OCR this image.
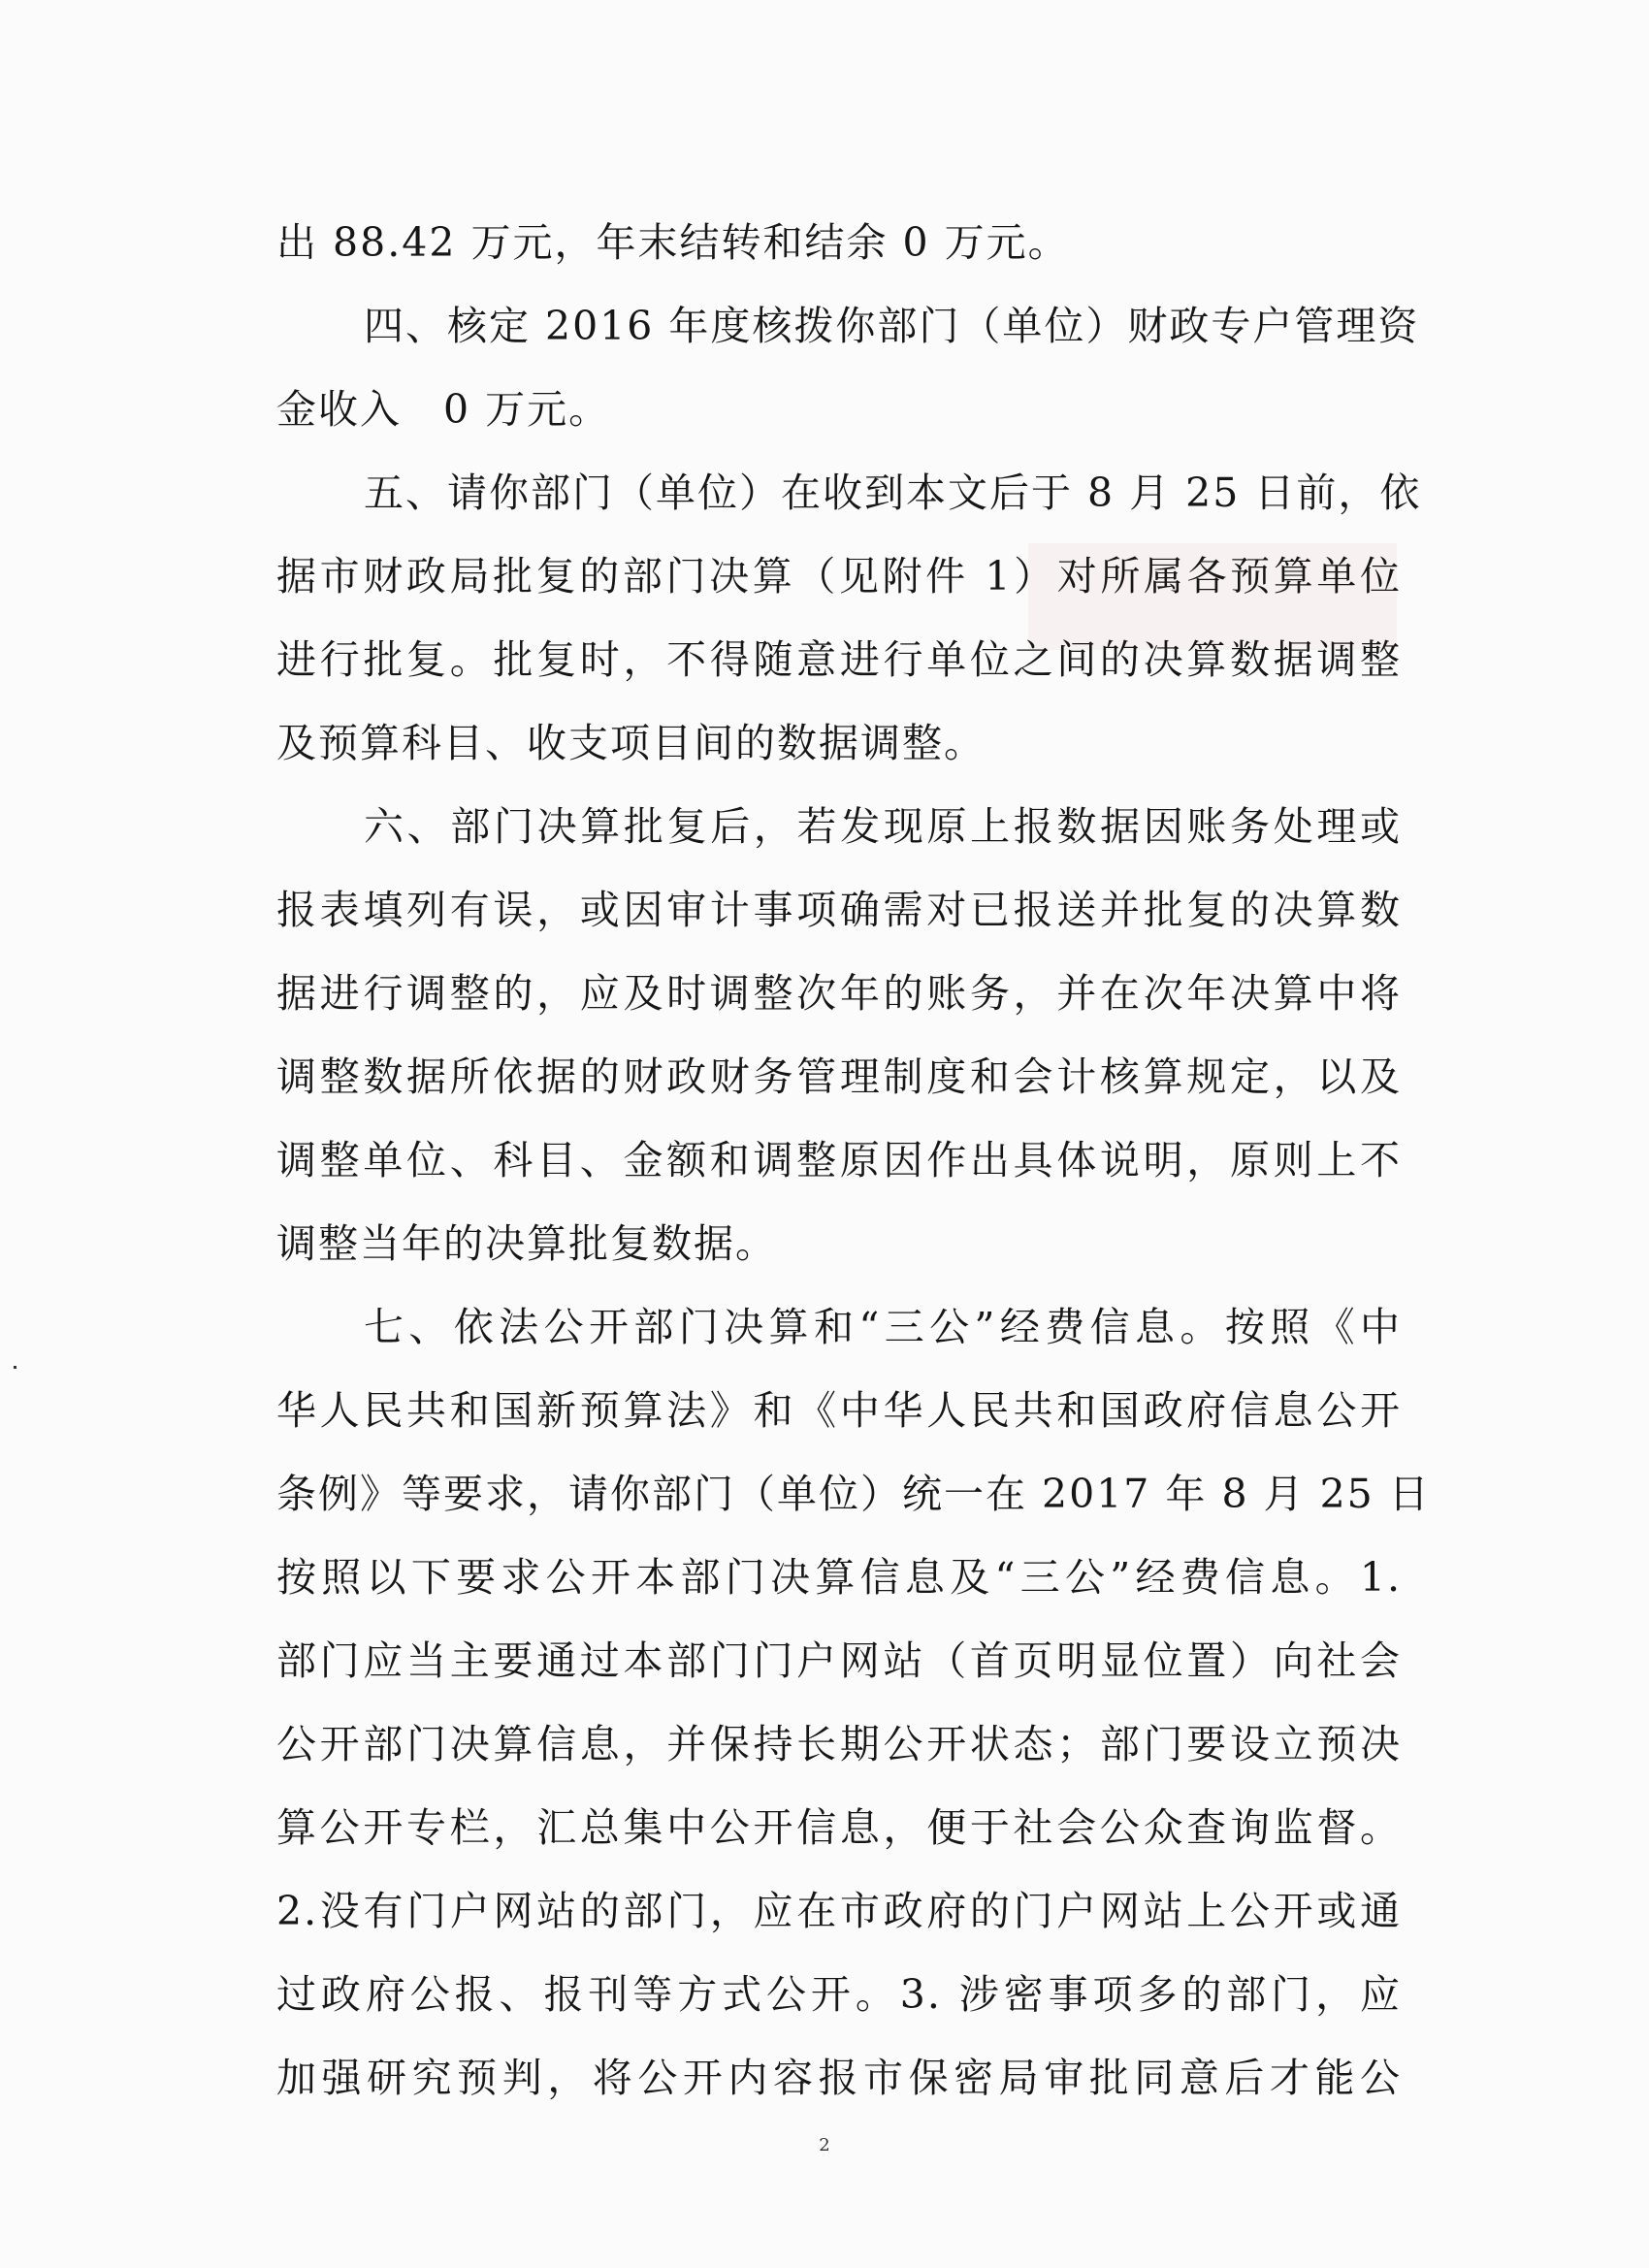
出 88.42 万元，年末结转和结余 0 万元。
四、核定 2016 年度核拨你部门（单位）财政专户管理资
金收入　0 万元。
五、请你部门（单位）在收到本文后于 8 月 25 日前，依
据市财政局批复的部门决算（见附件 1）对所属各预算单位
进行批复。批复时，不得随意进行单位之间的决算数据调整
及预算科目、收支项目间的数据调整。
六、部门决算批复后，若发现原上报数据因账务处理或
报表填列有误，或因审计事项确需对已报送并批复的决算数
据进行调整的，应及时调整次年的账务，并在次年决算中将
调整数据所依据的财政财务管理制度和会计核算规定，以及
调整单位、科目、金额和调整原因作出具体说明，原则上不
调整当年的决算批复数据。
七、依法公开部门决算和“三公”经费信息。按照《中
华人民共和国新预算法》和《中华人民共和国政府信息公开
条例》等要求，请你部门（单位）统一在 2017 年 8 月 25 日
按照以下要求公开本部门决算信息及“三公”经费信息。1.
部门应当主要通过本部门门户网站（首页明显位置）向社会
公开部门决算信息，并保持长期公开状态；部门要设立预决
算公开专栏，汇总集中公开信息，便于社会公众查询监督。
2.没有门户网站的部门，应在市政府的门户网站上公开或通
过政府公报、报刊等方式公开。3. 涉密事项多的部门，应
加强研究预判，将公开内容报市保密局审批同意后才能公
2
